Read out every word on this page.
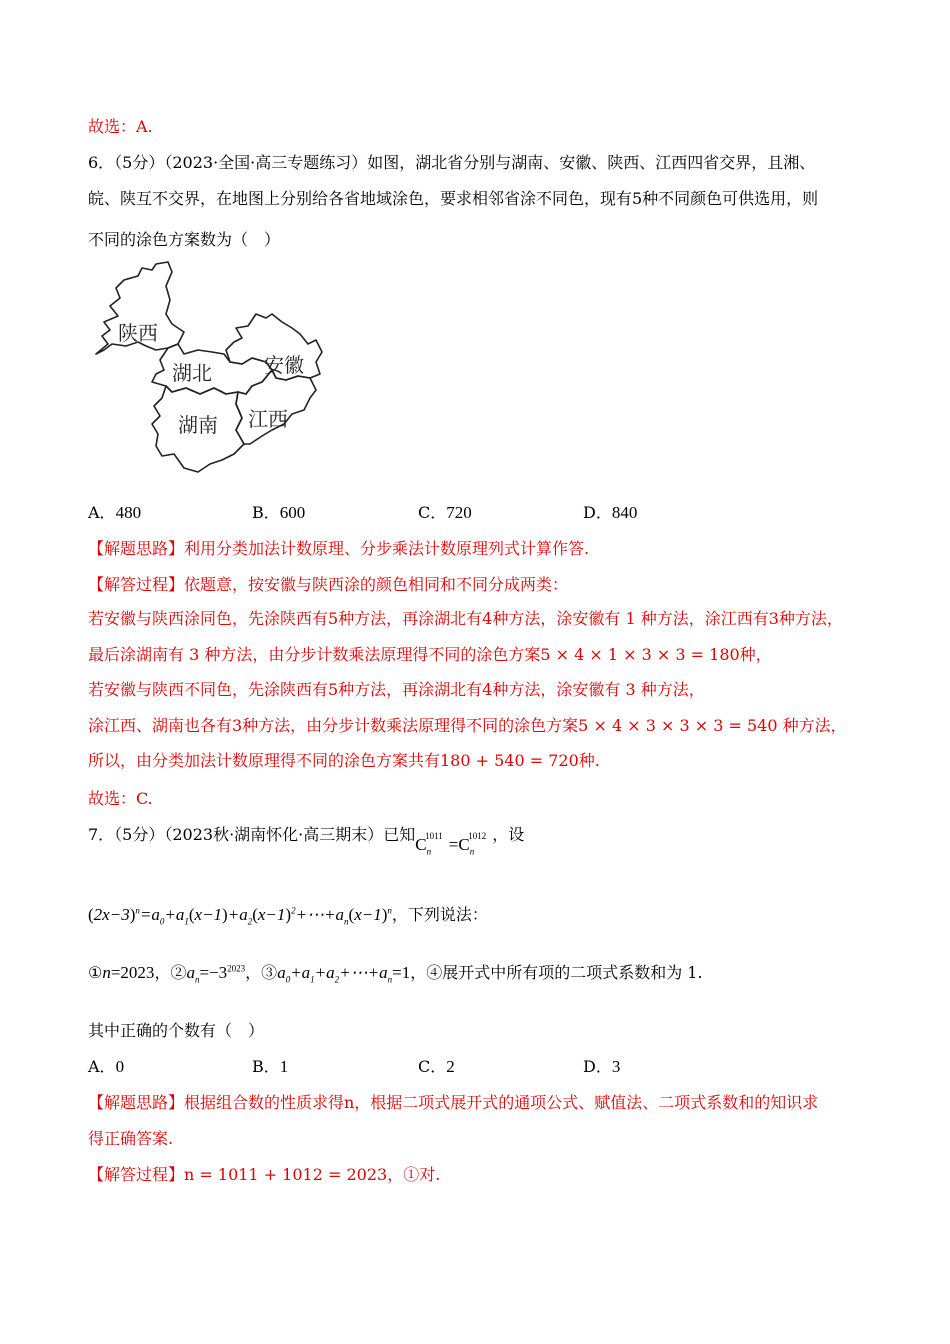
故选：A.
6．（5分）（2023·全国·高三专题练习）如图，湖北省分别与湖南、安徽、陕西、江西四省交界，且湘、
皖、陕互不交界，在地图上分别给各省地域涂色，要求相邻省涂不同色，现有5种不同颜色可供选用，则
不同的涂色方案数为（　）
陕西
湖北	安徽
湖南 江西
A．480	B．600	C．720	D．840
【解题思路】利用分类加法计数原理、分步乘法计数原理列式计算作答.
【解答过程】依题意，按安徽与陕西涂的颜色相同和不同分成两类：
若安徽与陕西涂同色，先涂陕西有5种方法，再涂湖北有4种方法，涂安徽有 1 种方法，涂江西有3种方法，
最后涂湖南有 3 种方法，由分步计数乘法原理得不同的涂色方案5 × 4 × 1 × 3 × 3 = 180种，
若安徽与陕西不同色，先涂陕西有5种方法，再涂湖北有4种方法，涂安徽有 3 种方法，
涂江西、湖南也各有3种方法，由分步计数乘法原理得不同的涂色方案5 × 4 × 3 × 3 × 3 = 540 种方法，
所以，由分类加法计数原理得不同的涂色方案共有180 + 540 = 720种.
故选：C.
7．（5分）（2023秋·湖南怀化·高三期末）已知$C_n^{1011} =C_n^{1012}$ ，设
$(2x-3)^n=a_0+a_1(x-1)+a_2(x-1)^2+\cdots+a_n(x-1)^n$，下列说法：
①n=2023，$②a_n=-3^{2023}$，$③a_0+a_1+a_2+\cdots+a_n=1$，④展开式中所有项的二项式系数和为 1.
其中正确的个数有（　）
A．0	B．1	C．2	D．3
【解题思路】根据组合数的性质求得n，根据二项式展开式的通项公式、赋值法、二项式系数和的知识求
得正确答案.
【解答过程】n = 1011 + 1012 = 2023，①对.
